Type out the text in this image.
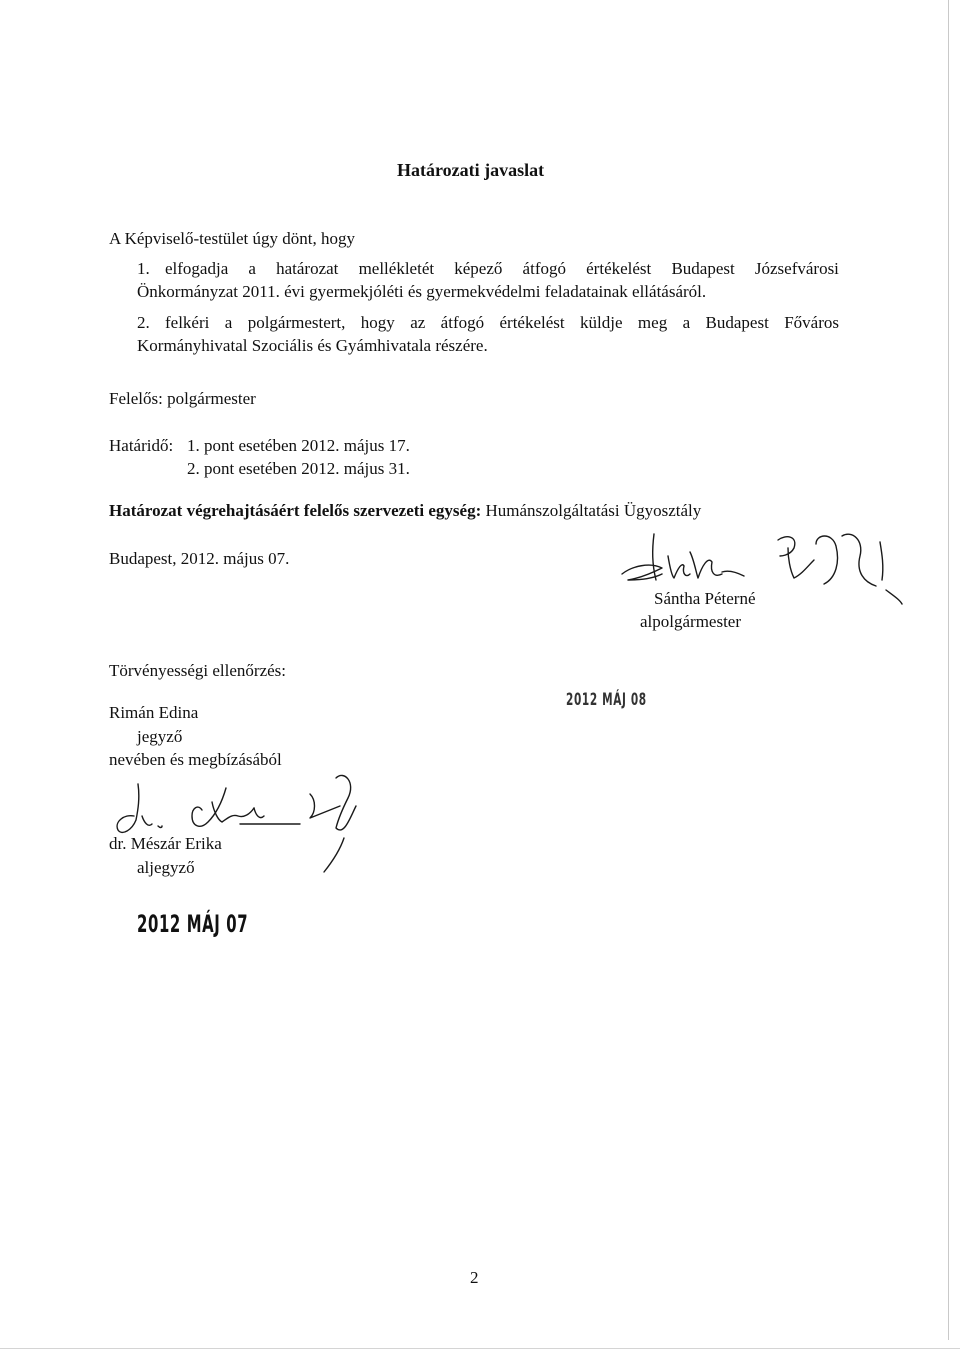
Határozati javaslat
A Képviselő-testület úgy dönt, hogy
1. elfogadja a határozat mellékletét képező átfogó értékelést Budapest Józsefvárosi
Önkormányzat 2011. évi gyermekjóléti és gyermekvédelmi feladatainak ellátásáról.
2. felkéri a polgármestert, hogy az átfogó értékelést küldje meg a Budapest Főváros
Kormányhivatal Szociális és Gyámhivatala részére.
Felelős: polgármester
Határidő: 1. pont esetében 2012. május 17.
2. pont esetében 2012. május 31.
Határozat végrehajtásáért felelős szervezeti egység: Humánszolgáltatási Ügyosztály
Budapest, 2012. május 07.
Sántha Péterné
alpolgármester
Törvényességi ellenőrzés:
2012 MÁJ 08
Rimán Edina
jegyző
nevében és megbízásából
dr. Mészár Erika
aljegyző
2012 MÁJ 07
2
